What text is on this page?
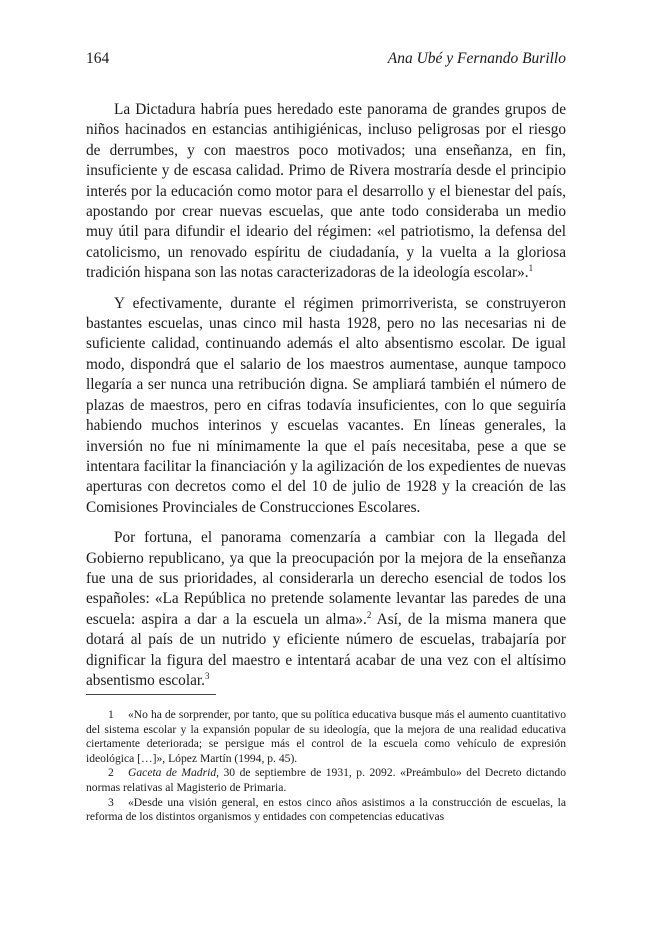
164	Ana Ubé y Fernando Burillo

La Dictadura habría pues heredado este panorama de grandes grupos de niños hacinados en estancias antihigiénicas, incluso peligrosas por el riesgo de derrumbes, y con maestros poco motivados; una enseñanza, en fin, insuficiente y de escasa calidad. Primo de Rivera mostraría desde el principio interés por la educación como motor para el desarrollo y el bienestar del país, apostando por crear nuevas escuelas, que ante todo consideraba un medio muy útil para difundir el ideario del régimen: «el patriotismo, la defensa del catolicismo, un renovado espíritu de ciudadanía, y la vuelta a la gloriosa tradición hispana son las notas caracterizadoras de la ideología escolar».$^1$

Y efectivamente, durante el régimen primorriverista, se construyeron bastantes escuelas, unas cinco mil hasta 1928, pero no las necesarias ni de suficiente calidad, continuando además el alto absentismo escolar. De igual modo, dispondrá que el salario de los maestros aumentase, aunque tampoco llegaría a ser nunca una retribución digna. Se ampliará también el número de plazas de maestros, pero en cifras todavía insuficientes, con lo que seguiría habiendo muchos interinos y escuelas vacantes. En líneas generales, la inversión no fue ni mínimamente la que el país necesitaba, pese a que se intentara facilitar la financiación y la agilización de los expedientes de nuevas aperturas con decretos como el del 10 de julio de 1928 y la creación de las Comisiones Provinciales de Construcciones Escolares.

Por fortuna, el panorama comenzaría a cambiar con la llegada del Gobierno republicano, ya que la preocupación por la mejora de la enseñanza fue una de sus prioridades, al considerarla un derecho esencial de todos los españoles: «La República no pretende solamente levantar las paredes de una escuela: aspira a dar a la escuela un alma».$^2$ Así, de la misma manera que dotará al país de un nutrido y eficiente número de escuelas, trabajaría por dignificar la figura del maestro e intentará acabar de una vez con el altísimo absentismo escolar.$^3$

1 «No ha de sorprender, por tanto, que su política educativa busque más el aumento cuantitativo del sistema escolar y la expansión popular de su ideología, que la mejora de una realidad educativa ciertamente deteriorada; se persigue más el control de la escuela como vehículo de expresión ideológica […]», López Martín (1994, p. 45).
2 Gaceta de Madrid, 30 de septiembre de 1931, p. 2092. «Preámbulo» del Decreto dictando normas relativas al Magisterio de Primaria.
3 «Desde una visión general, en estos cinco años asistimos a la construcción de escuelas, la reforma de los distintos organismos y entidades con competencias educativas
